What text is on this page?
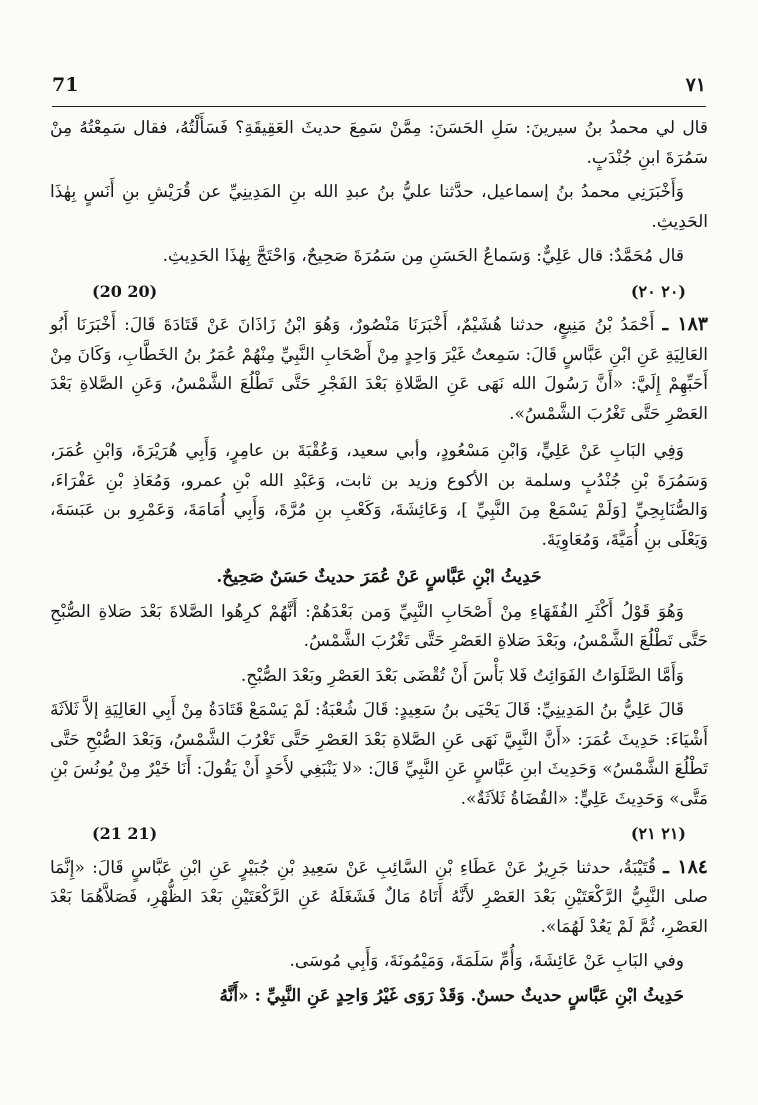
71	٧١

قال لي محمدُ بنُ سيرينَ: سَلِ الحَسَنَ: مِمَّنْ سَمِعَ حديثَ العَقِيقَةِ؟ فَسَأَلْتُهُ، فقال سَمِعْتُهُ مِنْ سَمُرَةَ ابنِ جُنْدَبٍ.

وَأَخْبَرَنِي محمدُ بنُ إسماعيل، حدَّثنا عليُّ بنُ عبدِ الله بنِ المَدِينِيِّ عن قُرَيْشِ بنِ أَنَسٍ بِهٰذَا الحَدِيثِ.

قال مُحَمَّدٌ: قال عَلِيٌّ: وَسَماعُ الحَسَنِ مِن سَمُرَةَ صَحِيحٌ، وَاحْتَجَّ بِهٰذَا الحَدِيثِ.

(20 20)	(٢٠ ٢٠)

١٨٣ ـ أَحْمَدُ بْنُ مَنِيعٍ، حدثنا هُشَيْمٌ، أَخْبَرَنَا مَنْصُورٌ، وَهُوَ ابْنُ زَاذَانَ عَنْ قَتَادَةَ قَالَ: أَخْبَرَنَا أَبُو العَالِيَةِ عَنِ ابْنِ عَبَّاسٍ قَالَ: سَمِعتُ غَيْرَ وَاحِدٍ مِنْ أَصْحَابِ النَّبِيِّ مِنْهُمْ عُمَرُ بنُ الخَطَّابِ، وَكَانَ مِنْ أَحَبِّهِمْ إِلَيَّ: «أَنَّ رَسُولَ الله نَهَى عَنِ الصَّلاةِ بَعْدَ الفَجْرِ حَتَّى تَطْلُعَ الشَّمْسُ، وَعَنِ الصَّلاةِ بَعْدَ العَصْرِ حَتَّى تَغْرُبَ الشَّمْسُ».

وَفِي البَابِ عَنْ عَلِيٍّ، وَابْنِ مَسْعُودٍ، وأبي سعيد، وَعُقْبَةَ بن عامِرٍ، وَأَبِي هُرَيْرَةَ، وَابْنِ عُمَرَ، وَسَمُرَةَ بْنِ جُنْدُبٍ وسلمة بن الأكوع وزيد بن ثابت، وَعَبْدِ الله بْنِ عمرو، وَمُعَاذِ بْنِ عَفْرَاءَ، وَالصُّنَابِحِيِّ [وَلَمْ يَسْمَعْ مِنَ النَّبِيِّ ]، وَعَائِشَةَ، وَكَعْبِ بنِ مُرَّةَ، وَأَبِي أُمَامَةَ، وَعَمْرِو بن عَبَسَةَ، وَيَعْلَى بنِ أُمَيَّةَ، وَمُعَاوِيَةَ.

حَدِيثُ ابْنِ عَبَّاسٍ عَنْ عُمَرَ حديثٌ حَسَنٌ صَحِيحٌ.

وَهُوَ قَوْلُ أَكْثَرِ الفُقَهَاءِ مِنْ أَصْحَابِ النَّبِيِّ وَمن بَعْدَهُمْ: أَنَّهُمْ كرِهُوا الصَّلاةَ بَعْدَ صَلاةِ الصُّبْحِ حَتَّى تَطْلُعَ الشَّمْسُ، وبَعْدَ صَلاةِ العَصْرِ حَتَّى تَغْرُبَ الشَّمْسُ.

وَأَمَّا الصَّلَوَاتُ الفَوَائِتُ فَلا بَأْسَ أَنْ تُقْضَى بَعْدَ العَصْرِ وبَعْدَ الصُّبْحِ.

قَالَ عَلِيُّ بنُ المَدِينِيِّ: قَالَ يَحْيَى بنُ سَعِيدٍ: قَالَ شُعْبَةُ: لَمْ يَسْمَعْ قَتَادَةُ مِنْ أَبِي العَالِيَةِ إلاَّ ثَلاَثَةَ أَشْيَاءَ: حَدِيثَ عُمَرَ: «أَنَّ النَّبِيَّ نَهَى عَنِ الصَّلاةِ بَعْدَ العَصْرِ حَتَّى تَغْرُبَ الشَّمْسُ، وَبَعْدَ الصُّبْحِ حَتَّى تَطْلُعَ الشَّمْسُ» وَحَدِيثَ ابنِ عَبَّاسٍ عَنِ النَّبِيِّ قَالَ: «لا يَنْبَغِي لأَحَدٍ أَنْ يَقُولَ: أَنَا خَيْرٌ مِنْ يُونُسَ بْنِ مَتَّى» وَحَدِيثَ عَلِيٍّ: «القُضَاةُ ثَلاَثَةٌ».

(21 21)	(٢١ ٢١)

١٨٤ ـ قُتَيْبَةُ، حدثنا جَرِيرٌ عَنْ عَطَاءِ بْنِ السَّائِبِ عَنْ سَعِيدِ بْنِ جُبَيْرٍ عَنِ ابْنِ عَبَّاسٍ قَالَ: «إِنَّمَا صلى النَّبِيُّ الرَّكْعَتَيْنِ بَعْدَ العَصْرِ لأَنَّهُ أَتَاهُ مَالٌ فَشَغَلَهُ عَنِ الرَّكْعَتَيْنِ بَعْدَ الظُّهْرِ، فَصَلاَّهُمَا بَعْدَ العَصْرِ، ثُمَّ لَمْ يَعُدْ لَهُمَا».

وفي البَابِ عَنْ عَائِشَةَ، وَأُمِّ سَلَمَةَ، وَمَيْمُونَةَ، وَأَبِي مُوسَى.

حَدِيثُ ابْنِ عَبَّاسٍ حديثٌ حسنٌ. وَقَدْ رَوَى غَيْرُ وَاحِدٍ عَنِ النَّبِيِّ : «أَنَّهُ
